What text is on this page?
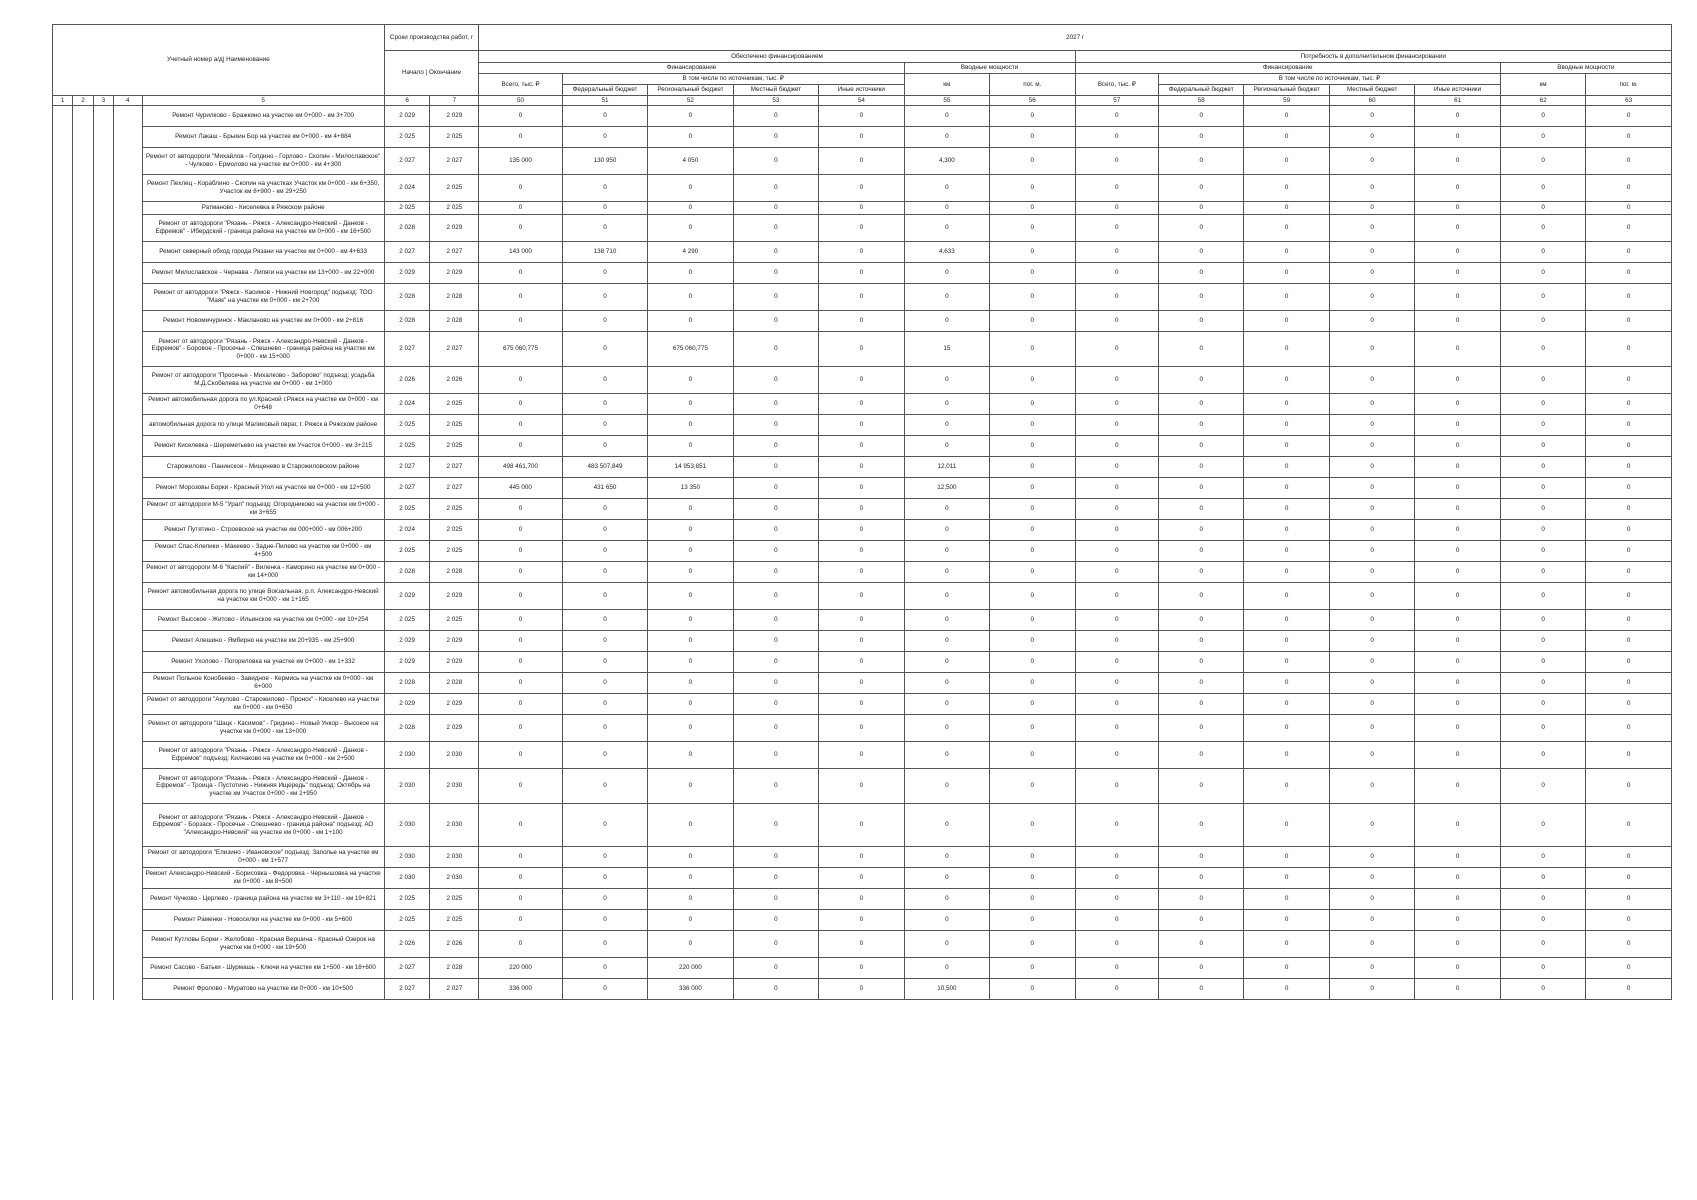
Учетный номер а/д| Наименование					Сроки производства работ, г		2027 г													
					Начало | Окончание		Обеспечено финансированием							Потребность в дополнительном финансировании						
							Финансирование					Вводные мощности		Финансирование					Вводные мощности	
							Всего, тыс. ₽	В том числе по источникам, тыс. ₽				км	пог. м.	Всего, тыс. ₽	В том числе по источникам, тыс. ₽				км	пог. м.
								Федеральный бюджет	Региональный бюджет	Местный бюджет	Иные источники				Федеральный бюджет	Региональный бюджет	Местный бюджет	Иные источники		

1	2	3	4	5	6	7	50	51	52	53	54	55	56	57	58	59	60	61	62	63
				Ремонт Чурилково - Бражкино на участке км 0+000 - км 3+700	2 029	2 029	0	0	0	0	0	0	0	0	0	0	0	0	0	0
				Ремонт Лакаш - Брыкин Бор на участке км 0+000 - км 4+884	2 025	2 025	0	0	0	0	0	0	0	0	0	0	0	0	0	0
				Ремонт от автодороги "Михайлов - Голдино - Горлово - Скопин - Милославское" - Чулково - Ермолово на участке км 0+000 - км 4+300	2 027	2 027	135 000	130 950	4 050	0	0	4,300	0	0	0	0	0	0	0	0
				Ремонт Пехлец - Кораблино - Скопин на участках Участок км 0+000 - км 6+350, Участок км 8+900 - км 29+250	2 024	2 025	0	0	0	0	0	0	0	0	0	0	0	0	0	0
				Ратманово - Киселевка в Ряжском районе	2 025	2 025	0	0	0	0	0	0	0	0	0	0	0	0	0	0
				Ремонт от автодороги "Рязань - Ряжск - Александро-Невский - Данков - Ефремов" - Ибердский - граница района на участке км 0+000 - км 16+500	2 028	2 029	0	0	0	0	0	0	0	0	0	0	0	0	0	0
				Ремонт северный обход города Рязани на участке км 0+000 - км 4+633	2 027	2 027	143 000	138 710	4 290	0	0	4,633	0	0	0	0	0	0	0	0
				Ремонт Милославское - Чернава - Липяги на участке км 13+000 - км 22+000	2 029	2 029	0	0	0	0	0	0	0	0	0	0	0	0	0	0
				Ремонт от автодороги "Ряжск - Касимов - Нижний Новгород" подъезд: ТОО "Маяк" на участке км 0+000 - км 2+700	2 028	2 028	0	0	0	0	0	0	0	0	0	0	0	0	0	0
				Ремонт Новомичуринск - Макланово на участке км 0+000 - км 2+816	2 028	2 028	0	0	0	0	0	0	0	0	0	0	0	0	0	0
				Ремонт от автодороги "Рязань - Ряжск - Александро-Невский - Данков - Ефремов" - Боровое - Просечье - Спешнево - граница района на участке км 0+000 - км 15+000	2 027	2 027	675 060,775	0	675 060,775	0	0	15	0	0	0	0	0	0	0	0
				Ремонт от автодороги "Просечье - Михалково - Заборово" подъезд: усадьба М.Д.Скобелева на участке км 0+000 - км 1+000	2 026	2 026	0	0	0	0	0	0	0	0	0	0	0	0	0	0
				Ремонт автомобильная дорога по ул.Красной г.Ряжск на участке км 0+000 - км 0+648	2 024	2 025	0	0	0	0	0	0	0	0	0	0	0	0	0	0
				автомобильная дорога по улице Маликовый овраг, г. Ряжск в Ряжском районе	2 025	2 025	0	0	0	0	0	0	0	0	0	0	0	0	0	0
				Ремонт Киселевка - Шереметьево на участке км Участок 0+000 - км 3+215	2 025	2 025	0	0	0	0	0	0	0	0	0	0	0	0	0	0
				Старожилово - Панинское - Мищенево в Старожиловском районе	2 027	2 027	498 461,700	483 507,849	14 953,851	0	0	12,011	0	0	0	0	0	0	0	0
				Ремонт Морозовы Борки - Красный Угол на участке км 0+000 - км 12+500	2 027	2 027	445 000	431 650	13 350	0	0	12,500	0	0	0	0	0	0	0	0
				Ремонт от автодороги М-5 "Урал" подъезд: Огородниково на участке км 0+000 - км 3+655	2 025	2 025	0	0	0	0	0	0	0	0	0	0	0	0	0	0
				Ремонт Путятино - Строевское на участке км 000+000 - км 006+200	2 024	2 025	0	0	0	0	0	0	0	0	0	0	0	0	0	0
				Ремонт Спас-Клепики - Макеево - Задне-Пилево на участке км 0+000 - км 4+500	2 025	2 025	0	0	0	0	0	0	0	0	0	0	0	0	0	0
				Ремонт от автодороги М-6 "Каспий" - Виленка - Каморино на участке км 0+000 - км 14+000	2 028	2 028	0	0	0	0	0	0	0	0	0	0	0	0	0	0
				Ремонт автомобильная дорога по улице Вокзальная, р.п. Александро-Невский на участке км 0+000 - км 1+165	2 029	2 029	0	0	0	0	0	0	0	0	0	0	0	0	0	0
				Ремонт Высокое - Житово - Ильинское на участке км 0+000 - км 10+254	2 025	2 025	0	0	0	0	0	0	0	0	0	0	0	0	0	0
				Ремонт Алешино - Ямбирно на участке км 20+935 - км 25+900	2 029	2 029	0	0	0	0	0	0	0	0	0	0	0	0	0	0
				Ремонт Ухолово - Погореловка на участке км 0+000 - км 1+332	2 029	2 029	0	0	0	0	0	0	0	0	0	0	0	0	0	0
				Ремонт Польное Конобеево - Завидное - Кермись на участке км 0+000 - км 6+000	2 028	2 028	0	0	0	0	0	0	0	0	0	0	0	0	0	0
				Ремонт от автодороги "Акулово - Старожилово - Пронск" - Киселево на участке км 0+000 - км 0+650	2 029	2 029	0	0	0	0	0	0	0	0	0	0	0	0	0	0
				Ремонт от автодороги "Шацк - Касимов" - Гридино - Новый Ункор - Высокое на участке км 0+000 - км 13+000	2 028	2 029	0	0	0	0	0	0	0	0	0	0	0	0	0	0
				Ремонт от автодороги "Рязань - Ряжск - Александро-Невский - Данков - Ефремов" подъезд: Килчаково на участке км 0+000 - км 2+500	2 030	2 030	0	0	0	0	0	0	0	0	0	0	0	0	0	0
				Ремонт от автодороги "Рязань - Ряжск - Александро-Невский - Данков - Ефремов" - Троица - Пустотино - Нижняя Ищередь" подъезд: Октябрь на участке км Участок 0+000 - км 2+950	2 030	2 030	0	0	0	0	0	0	0	0	0	0	0	0	0	0
				Ремонт от автодороги "Рязань - Ряжск - Александро-Невский - Данков - Ефремов" - Борзаск - Просечье - Спешнево - граница района" подъезд: АО "Александро-Невский" на участке км 0+000 - км 1+100	2 030	2 030	0	0	0	0	0	0	0	0	0	0	0	0	0	0
				Ремонт от автодороги "Елизино - Ивановское" подъезд: Заполье на участке км 0+000 - км 1+577	2 030	2 030	0	0	0	0	0	0	0	0	0	0	0	0	0	0
				Ремонт Александро-Невский - Борисовка - Федоровка - Чернышовка на участке км 0+000 - км 8+500	2 030	2 030	0	0	0	0	0	0	0	0	0	0	0	0	0	0
				Ремонт Чучково - Церлево - граница района на участке км 3+110 - км 19+821	2 025	2 025	0	0	0	0	0	0	0	0	0	0	0	0	0	0
				Ремонт Раменки - Новоселки на участке км 0+000 - км 5+600	2 025	2 025	0	0	0	0	0	0	0	0	0	0	0	0	0	0
				Ремонт Кутловы Борки - Желобово - Красная Вершина - Красный Озерок на участке км 0+000 - км 19+500	2 026	2 026	0	0	0	0	0	0	0	0	0	0	0	0	0	0
				Ремонт Сасово - Батьки - Шурмашь - Ключи на участке км 1+500 - км 18+600	2 027	2 028	220 000	0	220 000	0	0	0	0	0	0	0	0	0	0	0
				Ремонт Фролово - Муратово на участке км 0+000 - км 10+500	2 027	2 027	336 000	0	336 000	0	0	10,500	0	0	0	0	0	0	0	0
